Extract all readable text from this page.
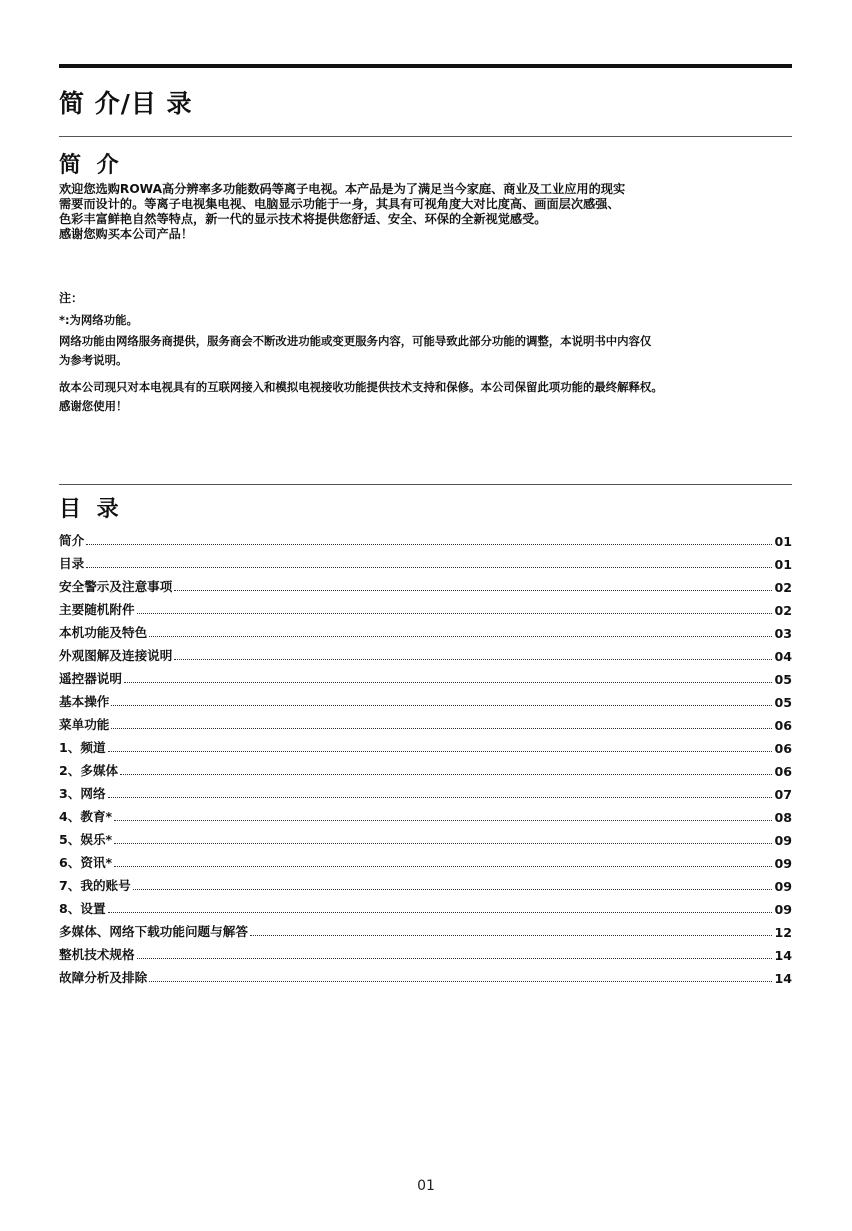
简 介/目 录
简 介

欢迎您选购ROWA高分辨率多功能数码等离子电视。本产品是为了满足当今家庭、商业及工业应用的现实

需要而设计的。等离子电视集电视、电脑显示功能于一身，其具有可视角度大对比度高、画面层次感强、

色彩丰富鲜艳自然等特点，新一代的显示技术将提供您舒适、安全、环保的全新视觉感受。

感谢您购买本公司产品！

注：

*:为网络功能。

网络功能由网络服务商提供，服务商会不断改进功能或变更服务内容，可能导致此部分功能的调整，本说明书中内容仅

为参考说明。

故本公司现只对本电视具有的互联网接入和模拟电视接收功能提供技术支持和保修。本公司保留此项功能的最终解释权。

感谢您使用！

目 录
简介	01
目录	01
安全警示及注意事项	02
主要随机附件	02
本机功能及特色	03
外观图解及连接说明	04
遥控器说明	05
基本操作	05
菜单功能	06
1、频道	06
2、多媒体	06
3、网络	07
4、教育*	08
5、娱乐*	09
6、资讯*	09
7、我的账号	09
8、设置	09
多媒体、网络下载功能问题与解答	12
整机技术规格	14
故障分析及排除	14
01
